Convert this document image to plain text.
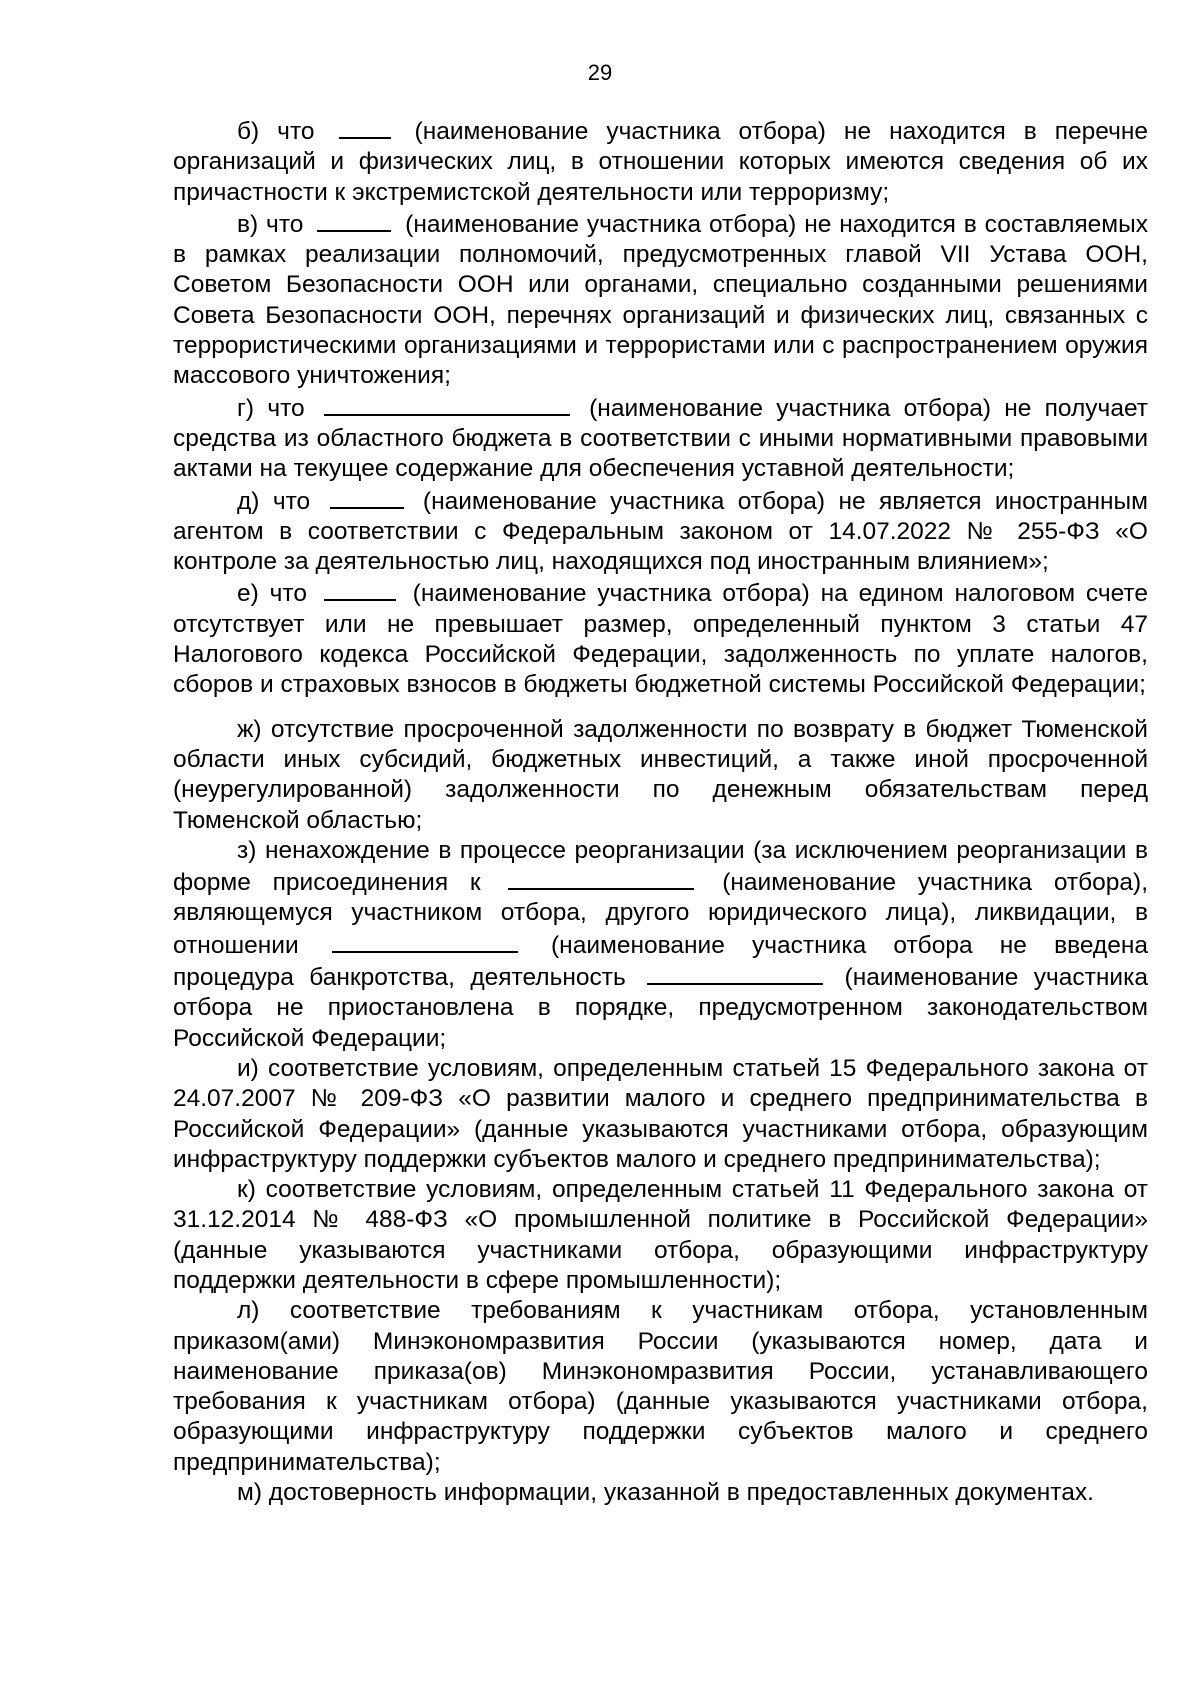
29

б) что	(наименование участника отбора) не находится в перечне организаций и физических лиц, в отношении которых имеются сведения об их причастности к экстремистской деятельности или терроризму;

в) что	(наименование участника отбора) не находится в составляемых в рамках реализации полномочий, предусмотренных главой VII Устава ООН, Советом Безопасности ООН или органами, специально созданными решениями Совета Безопасности ООН, перечнях организаций и физических лиц, связанных с террористическими организациями и террористами или с распространением оружия массового уничтожения;

г) что	(наименование участника отбора) не получает средства из областного бюджета в соответствии с иными нормативными правовыми актами на текущее содержание для обеспечения уставной деятельности;

д) что	(наименование участника отбора) не является иностранным агентом в соответствии с Федеральным законом от 14.07.2022 № 255-ФЗ «О контроле за деятельностью лиц, находящихся под иностранным влиянием»;

е) что	(наименование участника отбора) на едином налоговом счете отсутствует или не превышает размер, определенный пунктом 3 статьи 47 Налогового кодекса Российской Федерации, задолженность по уплате налогов, сборов и страховых взносов в бюджеты бюджетной системы Российской Федерации;

ж) отсутствие просроченной задолженности по возврату в бюджет Тюменской области иных субсидий, бюджетных инвестиций, а также иной просроченной (неурегулированной) задолженности по денежным обязательствам перед Тюменской областью;

з) ненахождение в процессе реорганизации (за исключением реорганизации в форме присоединения к	(наименование участника отбора), являющемуся участником отбора, другого юридического лица), ликвидации, в отношении	(наименование участника отбора не введена процедура банкротства, деятельность	(наименование участника отбора не приостановлена в порядке, предусмотренном законодательством Российской Федерации;

и) соответствие условиям, определенным статьей 15 Федерального закона от 24.07.2007 № 209-ФЗ «О развитии малого и среднего предпринимательства в Российской Федерации» (данные указываются участниками отбора, образующим инфраструктуру поддержки субъектов малого и среднего предпринимательства);

к) соответствие условиям, определенным статьей 11 Федерального закона от 31.12.2014 № 488-ФЗ «О промышленной политике в Российской Федерации» (данные указываются участниками отбора, образующими инфраструктуру поддержки деятельности в сфере промышленности);

л) соответствие требованиям к участникам отбора, установленным приказом(ами) Минэкономразвития России (указываются номер, дата и наименование приказа(ов) Минэкономразвития России, устанавливающего требования к участникам отбора) (данные указываются участниками отбора, образующими инфраструктуру поддержки субъектов малого и среднего предпринимательства);

м) достоверность информации, указанной в предоставленных документах.
